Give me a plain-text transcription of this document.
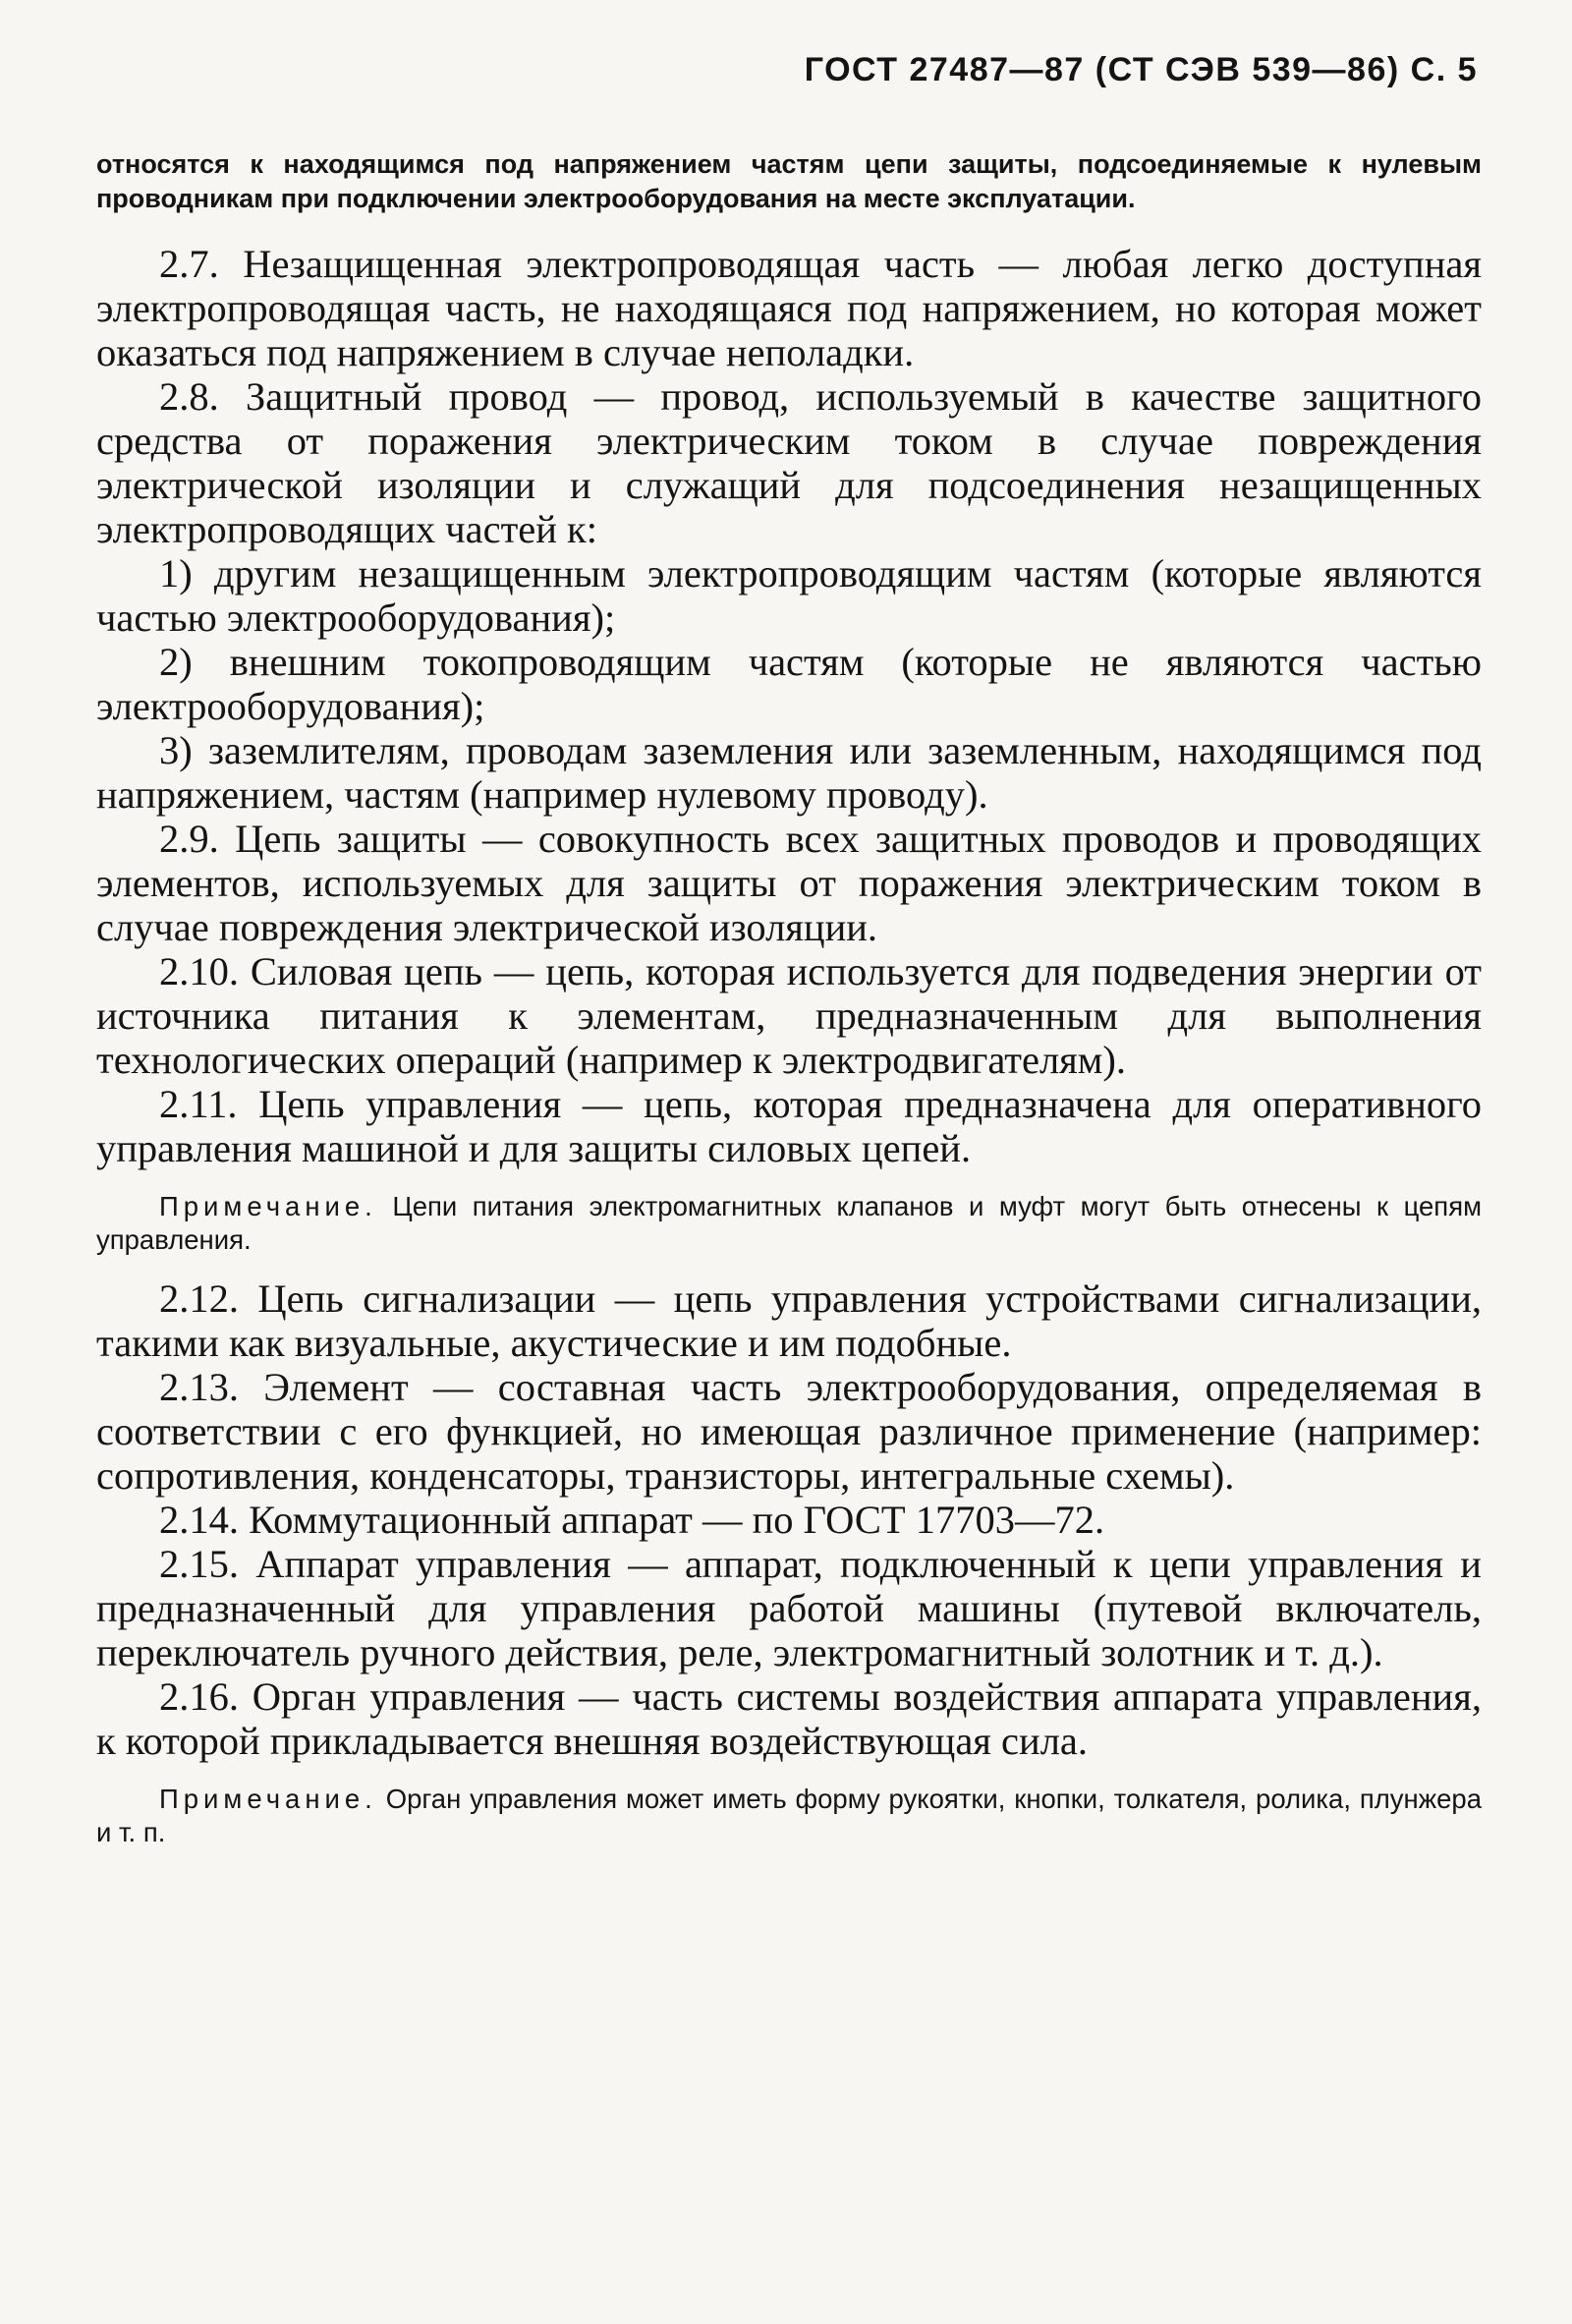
ГОСТ 27487—87 (СТ СЭВ 539—86) С. 5

относятся к находящимся под напряжением частям цепи защиты, подсоединяемые к нулевым проводникам при подключении электрооборудования на месте эксплуатации.

2.7. Незащищенная электропроводящая часть — любая легко доступная электропроводящая часть, не находящаяся под напряжением, но которая может оказаться под напряжением в случае неполадки.

2.8. Защитный провод — провод, используемый в качестве защитного средства от поражения электрическим током в случае повреждения электрической изоляции и служащий для подсоединения незащищенных электропроводящих частей к:

1) другим незащищенным электропроводящим частям (которые являются частью электрооборудования);

2) внешним токопроводящим частям (которые не являются частью электрооборудования);

3) заземлителям, проводам заземления или заземленным, находящимся под напряжением, частям (например нулевому проводу).

2.9. Цепь защиты — совокупность всех защитных проводов и проводящих элементов, используемых для защиты от поражения электрическим током в случае повреждения электрической изоляции.

2.10. Силовая цепь — цепь, которая используется для подведения энергии от источника питания к элементам, предназначенным для выполнения технологических операций (например к электродвигателям).

2.11. Цепь управления — цепь, которая предназначена для оперативного управления машиной и для защиты силовых цепей.

Примечание. Цепи питания электромагнитных клапанов и муфт могут быть отнесены к цепям управления.

2.12. Цепь сигнализации — цепь управления устройствами сигнализации, такими как визуальные, акустические и им подобные.

2.13. Элемент — составная часть электрооборудования, определяемая в соответствии с его функцией, но имеющая различное применение (например: сопротивления, конденсаторы, транзисторы, интегральные схемы).

2.14. Коммутационный аппарат — по ГОСТ 17703—72.

2.15. Аппарат управления — аппарат, подключенный к цепи управления и предназначенный для управления работой машины (путевой включатель, переключатель ручного действия, реле, электромагнитный золотник и т. д.).

2.16. Орган управления — часть системы воздействия аппарата управления, к которой прикладывается внешняя воздействующая сила.

Примечание. Орган управления может иметь форму рукоятки, кнопки, толкателя, ролика, плунжера и т. п.
